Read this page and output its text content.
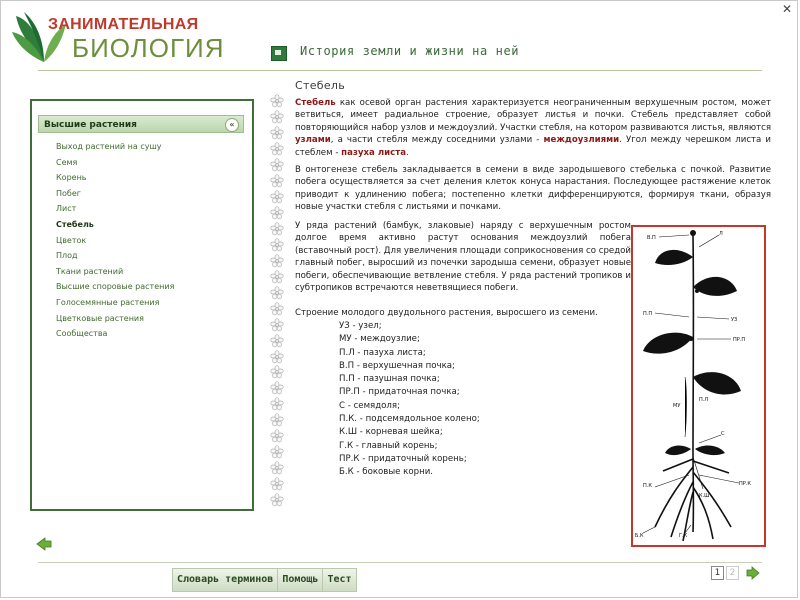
✕
ЗАНИМАТЕЛЬНАЯ
БИОЛОГИЯ	История земли и жизни на ней
Высшие растения	«
Выход растений на сушу
Семя
Корень
Побег
Лист
Стебель
Цветок
Плод
Ткани растений
Высшие споровые растения
Голосемянные растения
Цветковые растения
Сообщества
Стебель
Стебель как осевой орган растения характеризуется неограниченным верхушечным ростом, может ветвиться, имеет радиальное строение, образует листья и почки. Стебель представляет собой повторяющийся набор узлов и междоузлий. Участки стебля, на котором развиваются листья, являются узлами, а части стебля между соседними узлами - междоузлиями. Угол между черешком листа и стеблем - пазуха листа.
В онтогенезе стебель закладывается в семени в виде зародышевого стебелька с почкой. Развитие побега осуществляется за счет деления клеток конуса нарастания. Последующее растяжение клеток приводит к удлинению побега; постепенно клетки дифференцируются, формируя ткани, образуя новые участки стебля с листьями и почками.
У ряда растений (бамбук, злаковые) наряду с верхушечным ростом долгое время активно растут основания междоузлий побега (вставочный рост). Для увеличения площади соприкосновения со средой главный побег, выросший из почечки зародыша семени, образует новые побеги, обеспечивающие ветвление стебля. У ряда растений тропиков и субтропиков встречаются неветвящиеся побеги.
Строение молодого двудольного растения, выросшего из семени.
УЗ - узел;
МУ - междоузлие;
П.Л - пазуха листа;
В.П - верхушечная почка;
П.П - пазушная почка;
ПР.П - придаточная почка;
С - семядоля;
П.К. - подсемядольное колено;
К.Ш - корневая шейка;
Г.К - главный корень;
ПР.К - придаточный корень;
Б.К - боковые корни.
В.П
Л
П.П
УЗ
ПР.П
МУ
П.Л
С
П.К
К.Ш
ПР.К
Б.К	Г.К
Словарь терминов Помощь Тест
1	2
